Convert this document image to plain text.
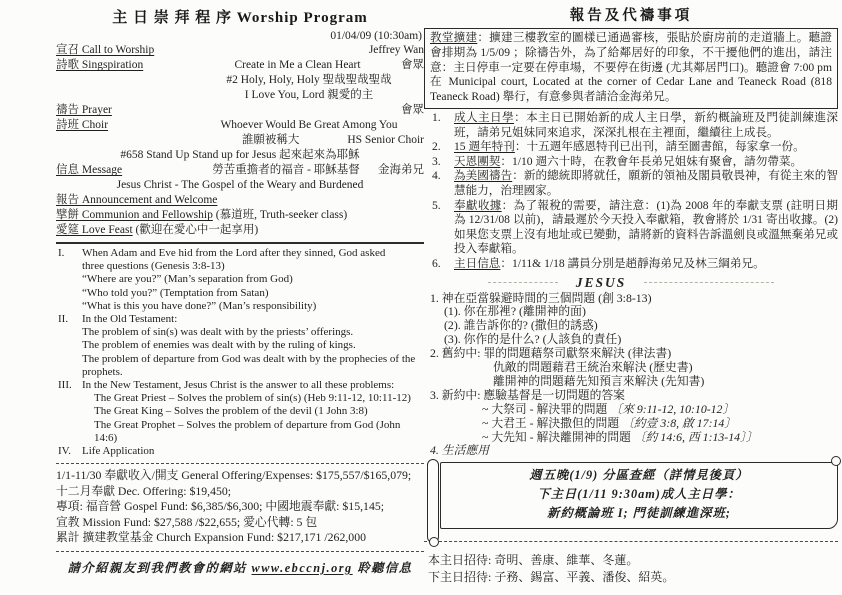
主 日 崇 拜 程 序 Worship Program
01/04/09 (10:30am)
宣召 Call to Worship	Jeffrey Wan
詩歌 Singspiration	Create in Me a Clean Heart	會眾
#2 Holy, Holy, Holy 聖哉聖哉聖哉
I Love You, Lord 親愛的主
禱告 Prayer	會眾
詩班 Choir	Whoever Would Be Great Among You
誰願被稱大	HS Senior Choir
#658 Stand Up Stand up for Jesus 起來起來為耶穌
信息 Message	勞苦重擔者的福音 - 耶穌基督	金海弟兄
Jesus Christ - The Gospel of the Weary and Burdened
報告 Announcement and Welcome
擘餅 Communion and Fellowship (慕道班, Truth-seeker class)
愛筵 Love Feast (歡迎在愛心中一起享用)
I.	When Adam and Eve hid from the Lord after they sinned, God asked
three questions (Genesis 3:8-13)
“Where are you?” (Man’s separation from God)
“Who told you?” (Temptation from Satan)
“What is this you have done?” (Man’s responsibility)
II.	In the Old Testament:
The problem of sin(s) was dealt with by the priests’ offerings.
The problem of enemies was dealt with by the ruling of kings.
The problem of departure from God was dealt with by the prophecies of the
prophets.
III. In the New Testament, Jesus Christ is the answer to all these problems:
The Great Priest – Solves the problem of sin(s) (Heb 9:11-12, 10:11-12)
The Great King – Solves the problem of the devil (1 John 3:8)
The Great Prophet – Solves the problem of departure from God (John 14:6)
IV.	Life Application
1/1-11/30 奉獻收入/開支 General Offering/Expenses: $175,557/$165,079;
十二月奉獻 Dec. Offering: $19,450;
專項: 福音營 Gospel Fund: $6,385/$6,300; 中國地震奉獻: $15,145;
宣教 Mission Fund: $27,588 /$22,655; 愛心代轉: 5 包
累計 擴建教堂基金 Church Expansion Fund: $217,171 /262,000
請介紹親友到我們教會的網站 www.ebccnj.org 聆聽信息
報告及代禱事項
教堂擴建：擴建三樓教室的圖樣已通過審核，張貼於廚房前的走道牆上。聽證會排期為 1/5/09 ；除禱告外，為了給鄰居好的印象，不干擾他們的進出，請注意：主日停車一定要在停車場，不要停在街邊 (尤其鄰居門口)。聽證會 7:00 pm 在 Municipal court, Located at the corner of Cedar Lane and Teaneck Road (818 Teaneck Road) 舉行，有意參與者請洽金海弟兄。
1.	成人主日學：本主日已開始新的成人主日學，新約概論班及門徒訓練進深班，請弟兄姐妹同來追求，深深扎根在主裡面，繼續往上成長。
2.	15 週年特刊：十五週年感恩特刊已出刊，請至圖書館，每家拿一份。
3.	天恩團契：1/10 週六十時，在教會年長弟兄姐妹有聚會，請勿帶菜。
4.	為美國禱告：新的總統即將就任，願新的領袖及閣員敬畏神，有從主來的智慧能力，治理國家。
5.	奉獻收據：為了報稅的需要，請注意：(1)為 2008 年的奉獻支票 (註明日期為 12/31/08 以前)，請最遲於今天投入奉獻箱，教會將於 1/31 寄出收據。(2)如果您支票上沒有地址或已變動，請將新的資料告訴溫劍良或溫無棄弟兄或投入奉獻箱。
6.	主日信息：1/11& 1/18 講員分別是趙靜海弟兄及林三綱弟兄。
JESUS
1. 神在亞當躲避時間的三個問題 (創 3:8-13)
(1). 你在那裡? (離開神的面)
(2). 誰告訴你的? (撒但的誘惑)
(3). 你作的是什么? (人該負的責任)
2. 舊約中: 罪的問題藉祭司獻祭來解決 (律法書)
仇敵的問題藉君王統治來解決 (歷史書)
離開神的問題藉先知預言來解決 (先知書)
3. 新約中: 應驗基督是一切問題的答案
~ 大祭司 - 解決罪的問題 〔來 9:11-12, 10:10-12〕
~ 大君王 - 解決撒但的問題 〔約壹 3:8, 啟 17:14〕
~ 大先知 - 解決離開神的問題 〔約 14:6, 西 1:13-14〕〕
4. 生活應用
週五晚(1/9) 分區查經（詳情見後頁）
下主日(1/11 9:30am)成人主日學：
新約概論班 I; 門徒訓練進深班;
本主日招待: 奇明、善康、維華、冬蓮。
下主日招待: 子務、錫富、平義、潘俊、紹英。
